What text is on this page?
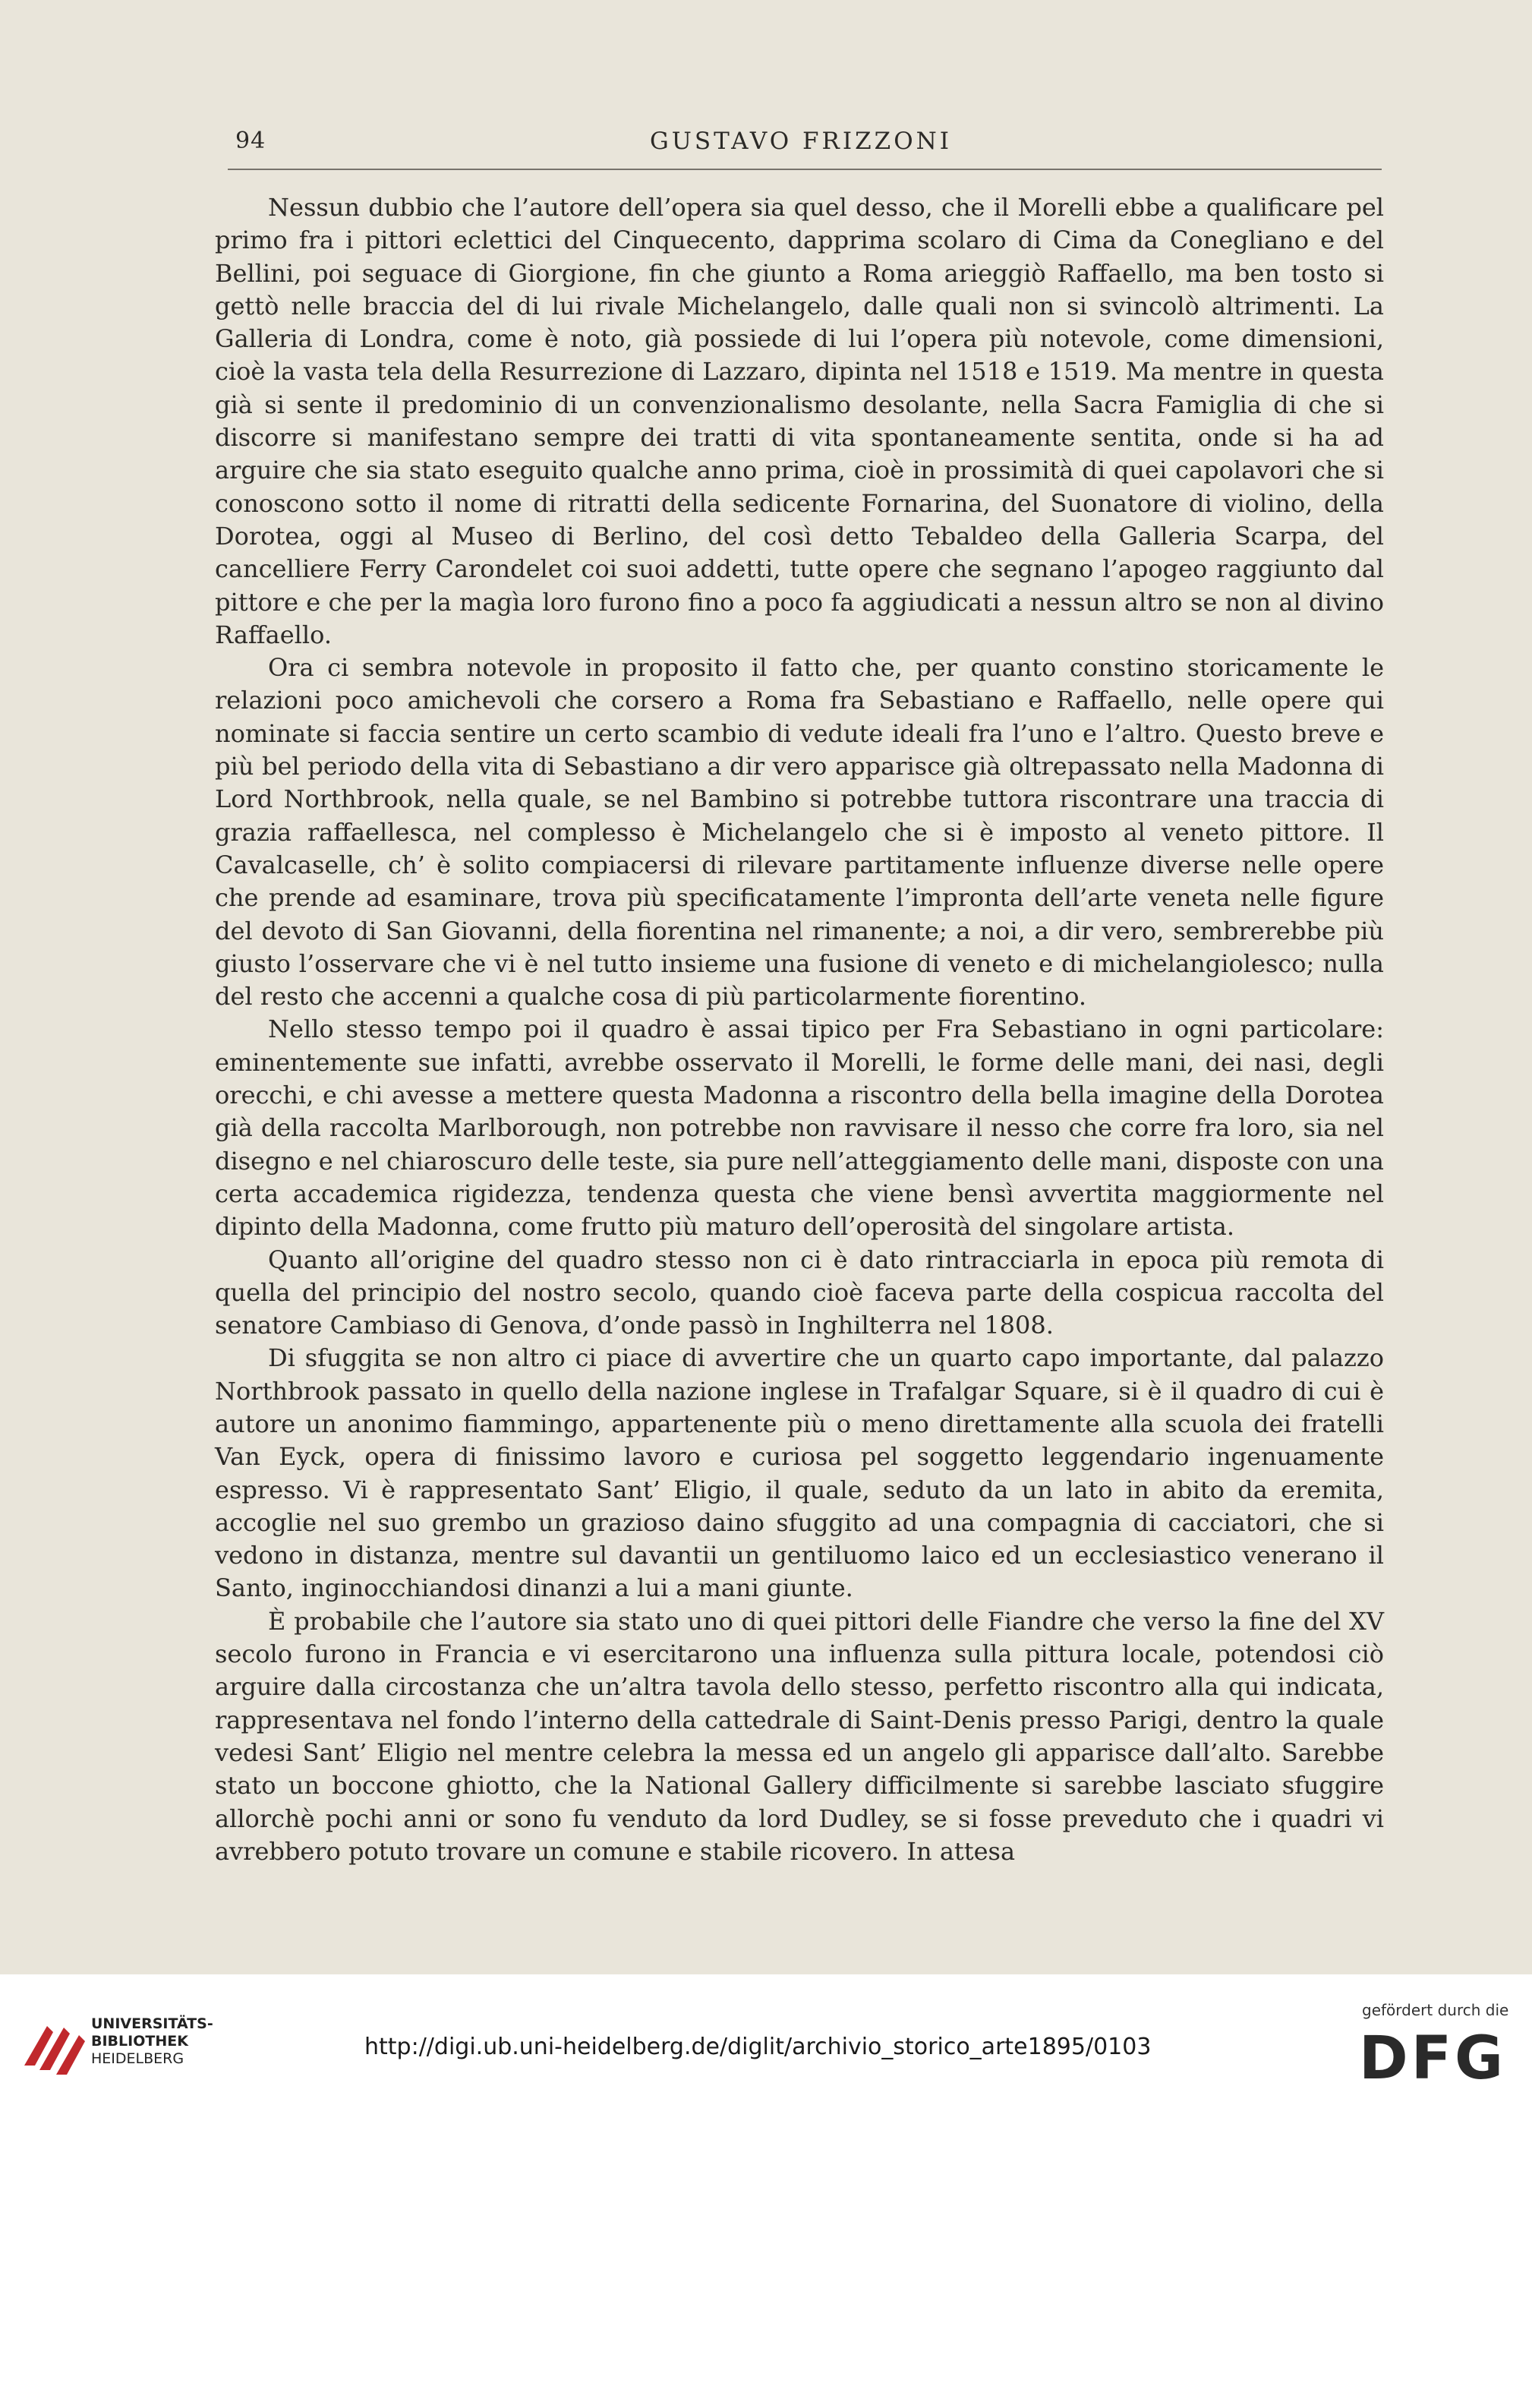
94	GUSTAVO FRIZZONI

Nessun dubbio che l’autore dell’opera sia quel desso, che il Morelli ebbe a qualificare pel primo fra i pittori eclettici del Cinquecento, dapprima scolaro di Cima da Conegliano e del Bellini, poi seguace di Giorgione, fin che giunto a Roma arieggiò Raffaello, ma ben tosto si gettò nelle braccia del di lui rivale Michelangelo, dalle quali non si svincolò altrimenti. La Galleria di Londra, come è noto, già possiede di lui l’opera più notevole, come dimensioni, cioè la vasta tela della Resurrezione di Lazzaro, dipinta nel 1518 e 1519. Ma mentre in questa già si sente il predominio di un convenzionalismo desolante, nella Sacra Famiglia di che si discorre si manifestano sempre dei tratti di vita spontaneamente sentita, onde si ha ad arguire che sia stato eseguito qualche anno prima, cioè in prossimità di quei capolavori che si conoscono sotto il nome di ritratti della sedicente Fornarina, del Suonatore di violino, della Dorotea, oggi al Museo di Berlino, del così detto Tebaldeo della Galleria Scarpa, del cancelliere Ferry Carondelet coi suoi addetti, tutte opere che segnano l’apogeo raggiunto dal pittore e che per la magìa loro furono fino a poco fa aggiudicati a nessun altro se non al divino Raffaello.

Ora ci sembra notevole in proposito il fatto che, per quanto constino storicamente le relazioni poco amichevoli che corsero a Roma fra Sebastiano e Raffaello, nelle opere qui nominate si faccia sentire un certo scambio di vedute ideali fra l’uno e l’altro. Questo breve e più bel periodo della vita di Sebastiano a dir vero apparisce già oltrepassato nella Madonna di Lord Northbrook, nella quale, se nel Bambino si potrebbe tuttora riscontrare una traccia di grazia raffaellesca, nel complesso è Michelangelo che si è imposto al veneto pittore. Il Cavalcaselle, ch’ è solito compiacersi di rilevare partitamente influenze diverse nelle opere che prende ad esaminare, trova più specificatamente l’impronta dell’arte veneta nelle figure del devoto di San Giovanni, della fiorentina nel rimanente; a noi, a dir vero, sembrerebbe più giusto l’osservare che vi è nel tutto insieme una fusione di veneto e di michelangiolesco; nulla del resto che accenni a qualche cosa di più particolarmente fiorentino.

Nello stesso tempo poi il quadro è assai tipico per Fra Sebastiano in ogni particolare: eminentemente sue infatti, avrebbe osservato il Morelli, le forme delle mani, dei nasi, degli orecchi, e chi avesse a mettere questa Madonna a riscontro della bella imagine della Dorotea già della raccolta Marlborough, non potrebbe non ravvisare il nesso che corre fra loro, sia nel disegno e nel chiaroscuro delle teste, sia pure nell’atteggiamento delle mani, disposte con una certa accademica rigidezza, tendenza questa che viene bensì avvertita maggiormente nel dipinto della Madonna, come frutto più maturo dell’operosità del singolare artista.

Quanto all’origine del quadro stesso non ci è dato rintracciarla in epoca più remota di quella del principio del nostro secolo, quando cioè faceva parte della cospicua raccolta del senatore Cambiaso di Genova, d’onde passò in Inghilterra nel 1808.

Di sfuggita se non altro ci piace di avvertire che un quarto capo importante, dal palazzo Northbrook passato in quello della nazione inglese in Trafalgar Square, si è il quadro di cui è autore un anonimo fiammingo, appartenente più o meno direttamente alla scuola dei fratelli Van Eyck, opera di finissimo lavoro e curiosa pel soggetto leggendario ingenuamente espresso. Vi è rappresentato Sant’ Eligio, il quale, seduto da un lato in abito da eremita, accoglie nel suo grembo un grazioso daino sfuggito ad una compagnia di cacciatori, che si vedono in distanza, mentre sul davantii un gentiluomo laico ed un ecclesiastico venerano il Santo, inginocchiandosi dinanzi a lui a mani giunte.

È probabile che l’autore sia stato uno di quei pittori delle Fiandre che verso la fine del XV secolo furono in Francia e vi esercitarono una influenza sulla pittura locale, potendosi ciò arguire dalla circostanza che un’altra tavola dello stesso, perfetto riscontro alla qui indicata, rappresentava nel fondo l’interno della cattedrale di Saint-Denis presso Parigi, dentro la quale vedesi Sant’ Eligio nel mentre celebra la messa ed un angelo gli apparisce dall’alto. Sarebbe stato un boccone ghiotto, che la National Gallery difficilmente si sarebbe lasciato sfuggire allorchè pochi anni or sono fu venduto da lord Dudley, se si fosse preveduto che i quadri vi avrebbero potuto trovare un comune e stabile ricovero. In attesa

UNIVERSITÄTS-
BIBLIOTHEK
HEIDELBERG	http://digi.ub.uni-heidelberg.de/diglit/archivio_storico_arte1895/0103
gefördert durch die
DFG
